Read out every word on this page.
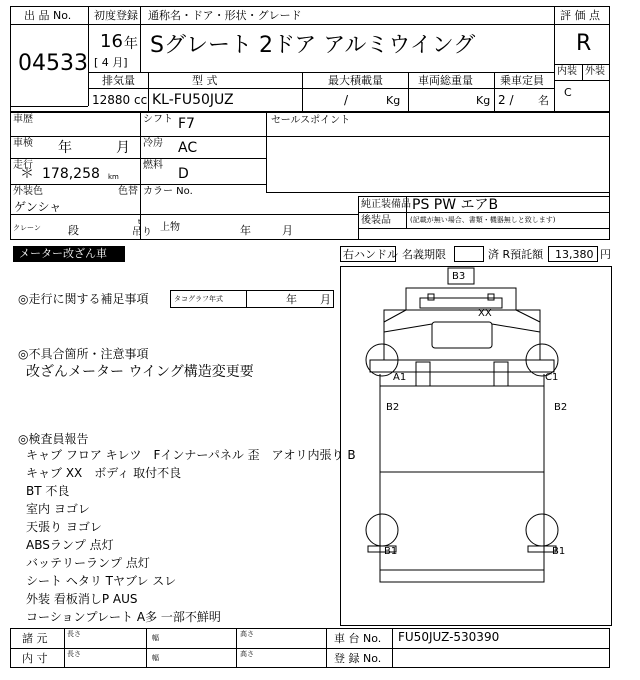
出 品 No.
04533
初度登録
16 年
[ 4 月]
通称名・ドア・形状・グレード
Sグレート 2ドア アルミウイング
評 価 点
R
内装 外装
C
排気量
12880 cc
型 式
KL-FU50JUZ
最大積載量
/	Kg
車両総重量
Kg
乗車定員
2 / 名
車歴	シフト F7	セールスポイント
車検 年	月 冷房 AC
走行
＊ 178,258 km
燃料
D
外装色
ゲンシャ
色替 カラー No.
純正装備品 PS PW エアB
後装品	(記載が無い場合、書類・機器無しと致します)
クレーン 段
t
吊り 上物	年	月
メーター改ざん車	右ハンドル 名義期限	済 R預託額 13,380 円
◎走行に関する補足事項	タコグラフ年式	年 月
◎不具合箇所・注意事項
改ざんメーター ウイング構造変更要
◎検査員報告
キャブ フロア キレツ　Fインナーパネル 歪　アオリ内張り B
キャブ XX　ボディ 取付不良
BT 不良
室内 ヨゴレ
天張り ヨゴレ
ABSランプ 点灯
バッテリーランプ 点灯
シート ヘタリ Tヤブレ スレ
外装 看板消しP AUS
コーションプレート A多 一部不鮮明
B3
XX
A1	C1
B2	B2
B1	B1
諸 元
内 寸
長さ	幅	高さ
長さ	幅	高さ
車 台 No. FU50JUZ-530390
登 録 No.
